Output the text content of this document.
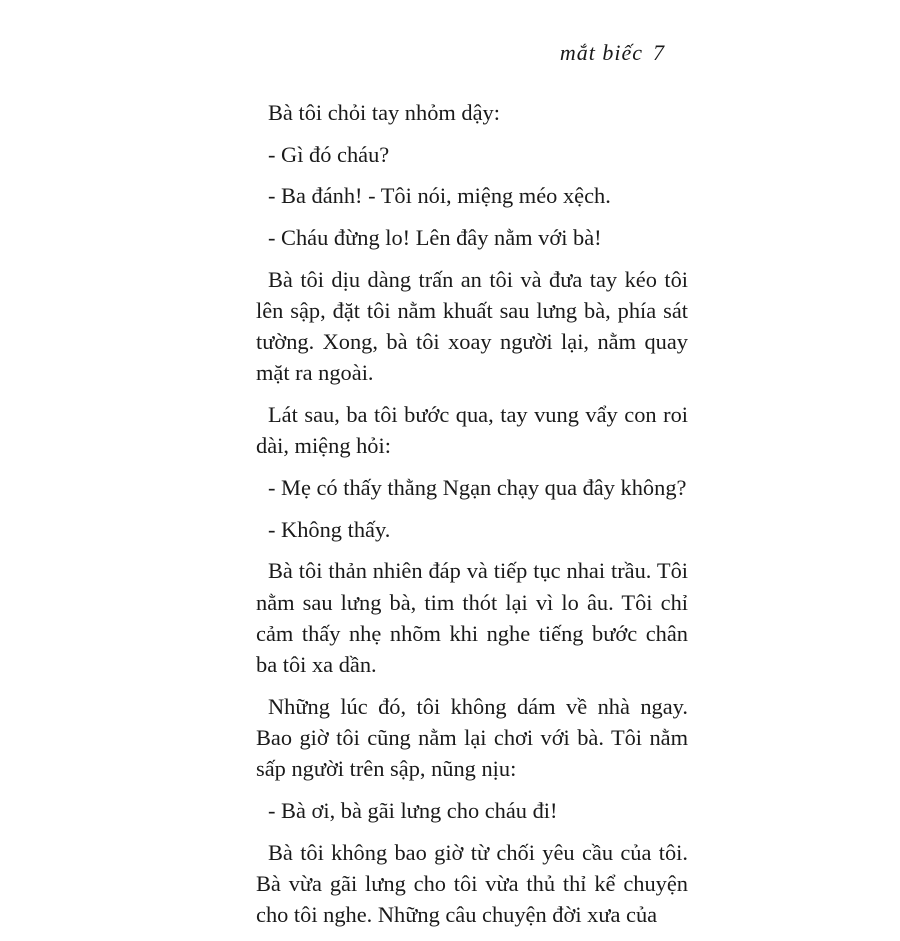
mắt biếc 7

Bà tôi chỏi tay nhỏm dậy:

- Gì đó cháu?

- Ba đánh! - Tôi nói, miệng méo xệch.

- Cháu đừng lo! Lên đây nằm với bà!

Bà tôi dịu dàng trấn an tôi và đưa tay kéo tôi lên sập, đặt tôi nằm khuất sau lưng bà, phía sát tường. Xong, bà tôi xoay người lại, nằm quay mặt ra ngoài.

Lát sau, ba tôi bước qua, tay vung vẩy con roi dài, miệng hỏi:

- Mẹ có thấy thằng Ngạn chạy qua đây không?

- Không thấy.

Bà tôi thản nhiên đáp và tiếp tục nhai trầu. Tôi nằm sau lưng bà, tim thót lại vì lo âu. Tôi chỉ cảm thấy nhẹ nhõm khi nghe tiếng bước chân ba tôi xa dần.

Những lúc đó, tôi không dám về nhà ngay. Bao giờ tôi cũng nằm lại chơi với bà. Tôi nằm sấp người trên sập, nũng nịu:

- Bà ơi, bà gãi lưng cho cháu đi!

Bà tôi không bao giờ từ chối yêu cầu của tôi. Bà vừa gãi lưng cho tôi vừa thủ thỉ kể chuyện cho tôi nghe. Những câu chuyện đời xưa của
